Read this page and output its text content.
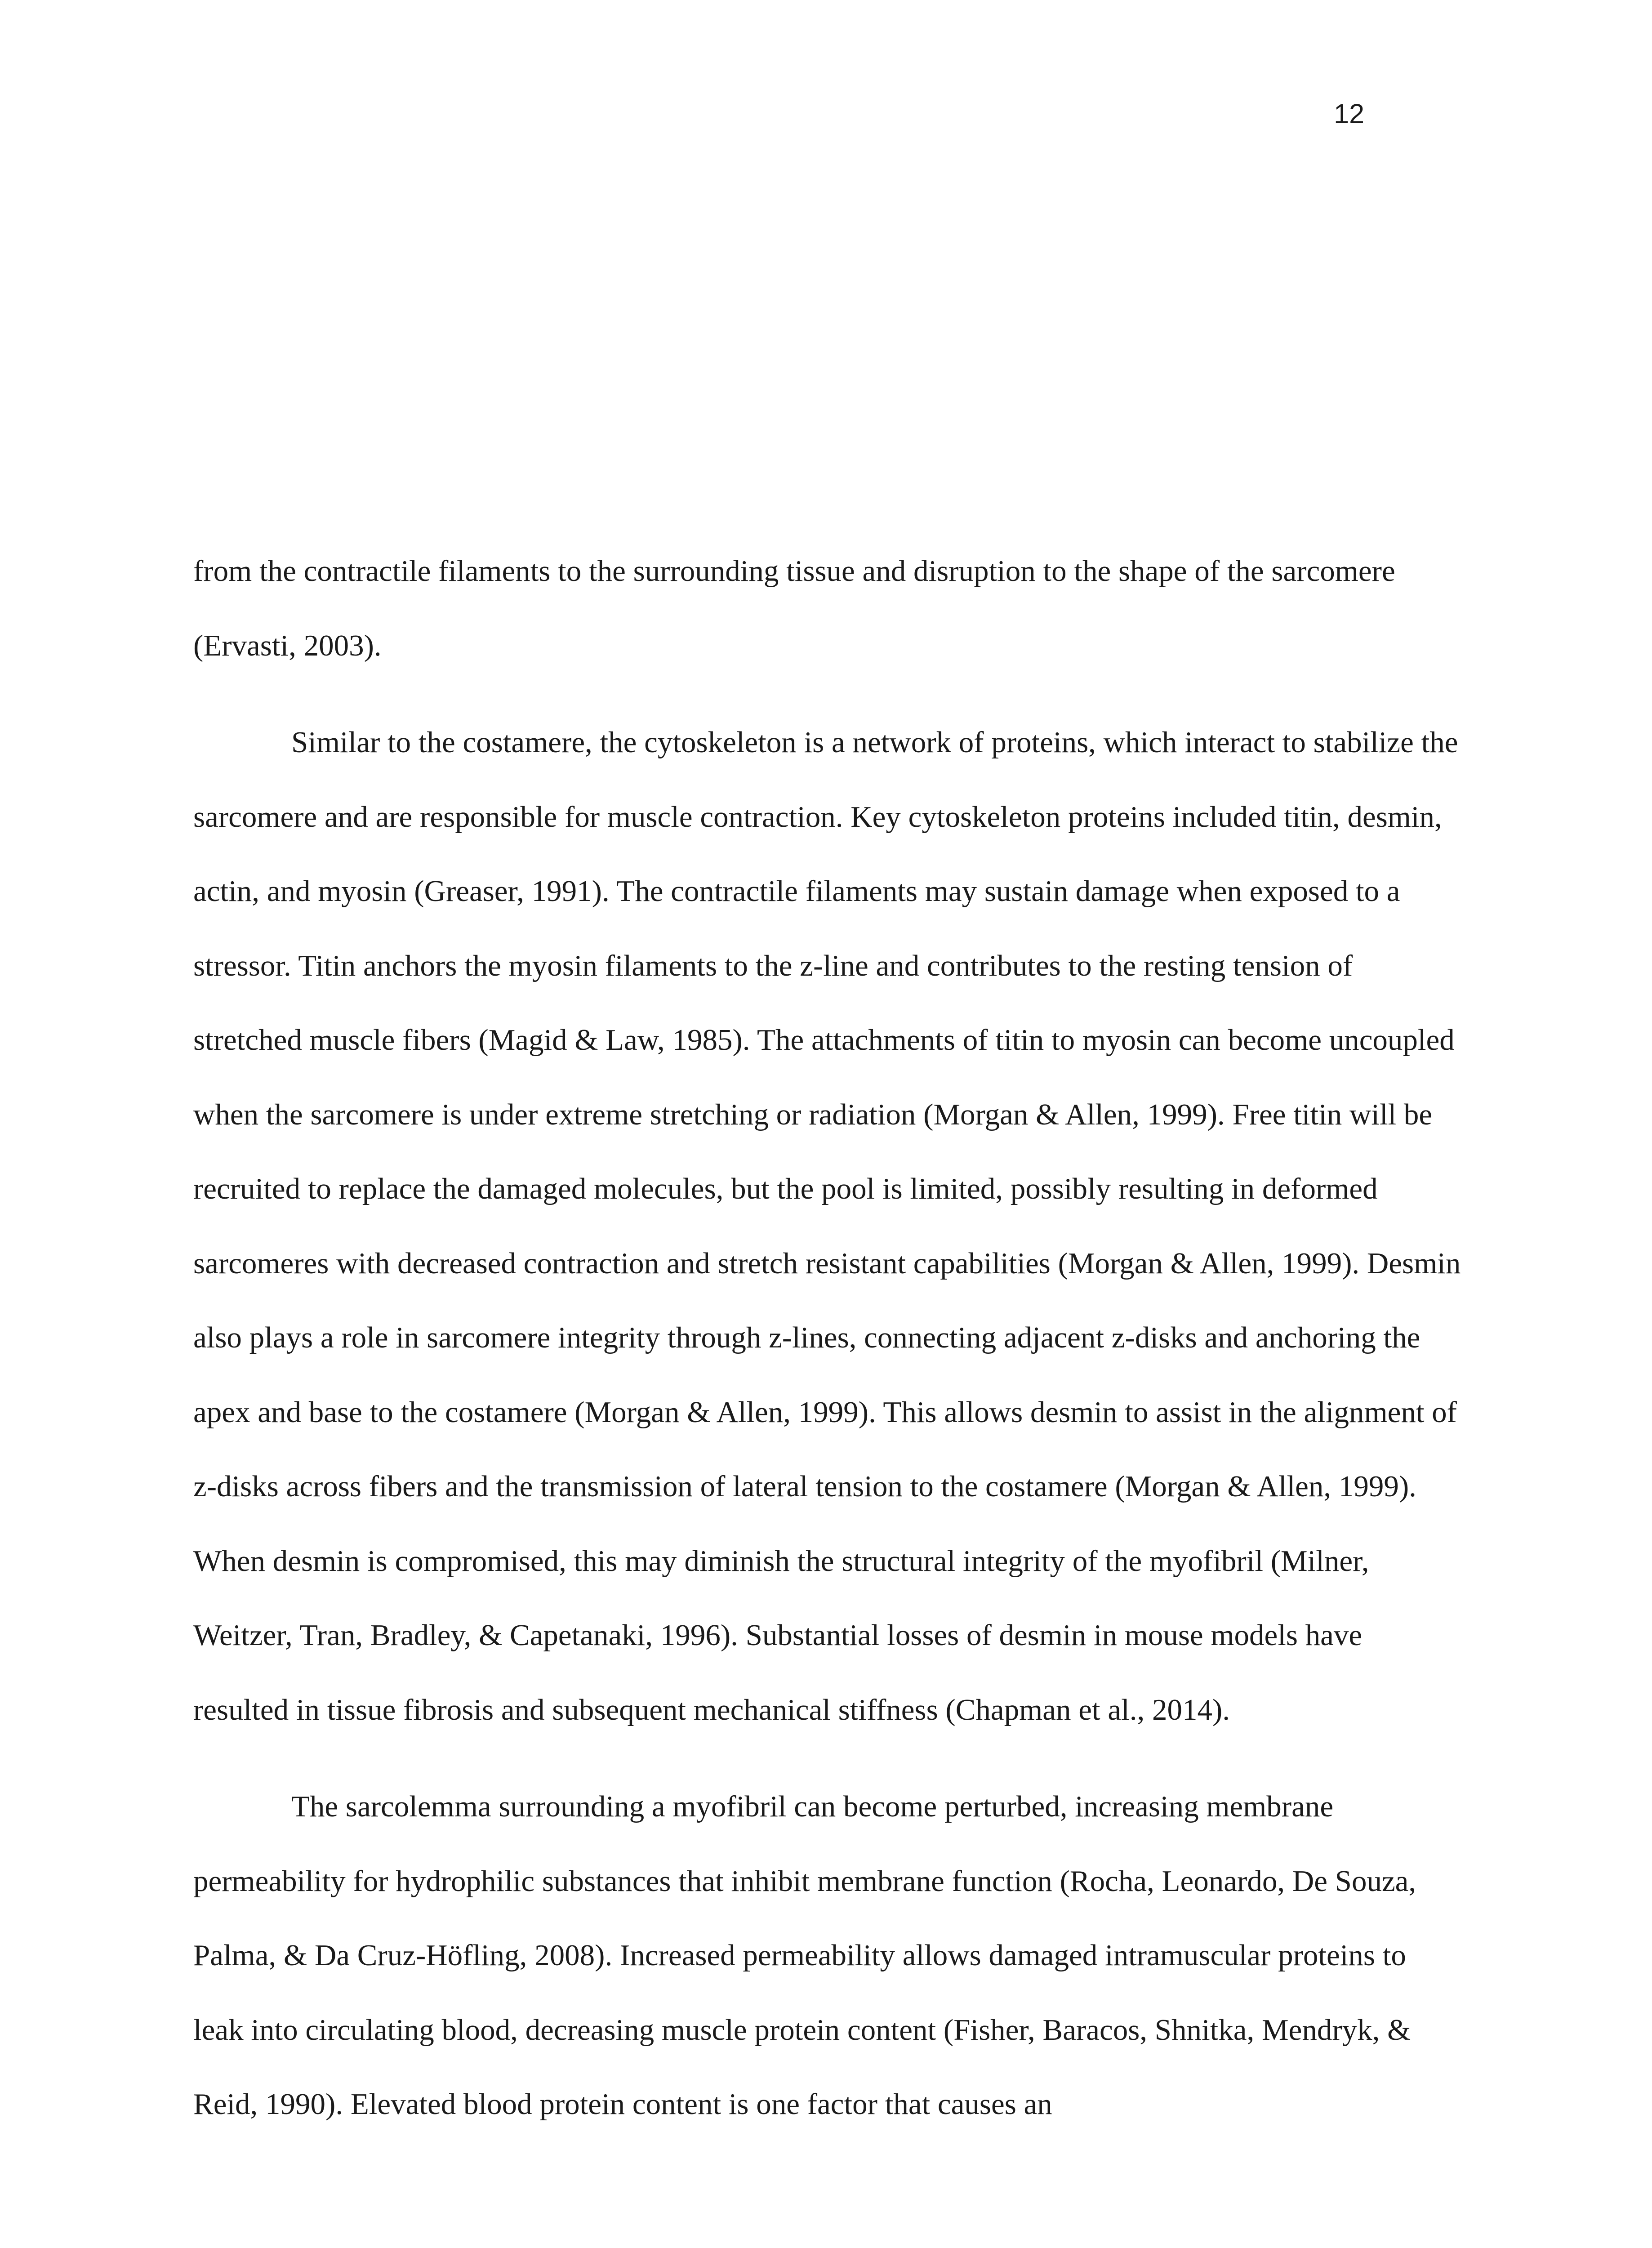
12

from the contractile filaments to the surrounding tissue and disruption to the shape of the sarcomere (Ervasti, 2003).

Similar to the costamere, the cytoskeleton is a network of proteins, which interact to stabilize the sarcomere and are responsible for muscle contraction. Key cytoskeleton proteins included titin, desmin, actin, and myosin (Greaser, 1991). The contractile filaments may sustain damage when exposed to a stressor. Titin anchors the myosin filaments to the z-line and contributes to the resting tension of stretched muscle fibers (Magid & Law, 1985). The attachments of titin to myosin can become uncoupled when the sarcomere is under extreme stretching or radiation (Morgan & Allen, 1999). Free titin will be recruited to replace the damaged molecules, but the pool is limited, possibly resulting in deformed sarcomeres with decreased contraction and stretch resistant capabilities (Morgan & Allen, 1999). Desmin also plays a role in sarcomere integrity through z-lines, connecting adjacent z-disks and anchoring the apex and base to the costamere (Morgan & Allen, 1999). This allows desmin to assist in the alignment of z-disks across fibers and the transmission of lateral tension to the costamere (Morgan & Allen, 1999). When desmin is compromised, this may diminish the structural integrity of the myofibril (Milner, Weitzer, Tran, Bradley, & Capetanaki, 1996). Substantial losses of desmin in mouse models have resulted in tissue fibrosis and subsequent mechanical stiffness (Chapman et al., 2014).

The sarcolemma surrounding a myofibril can become perturbed, increasing membrane permeability for hydrophilic substances that inhibit membrane function (Rocha, Leonardo, De Souza, Palma, & Da Cruz-Höfling, 2008). Increased permeability allows damaged intramuscular proteins to leak into circulating blood, decreasing muscle protein content (Fisher, Baracos, Shnitka, Mendryk, & Reid, 1990). Elevated blood protein content is one factor that causes an
